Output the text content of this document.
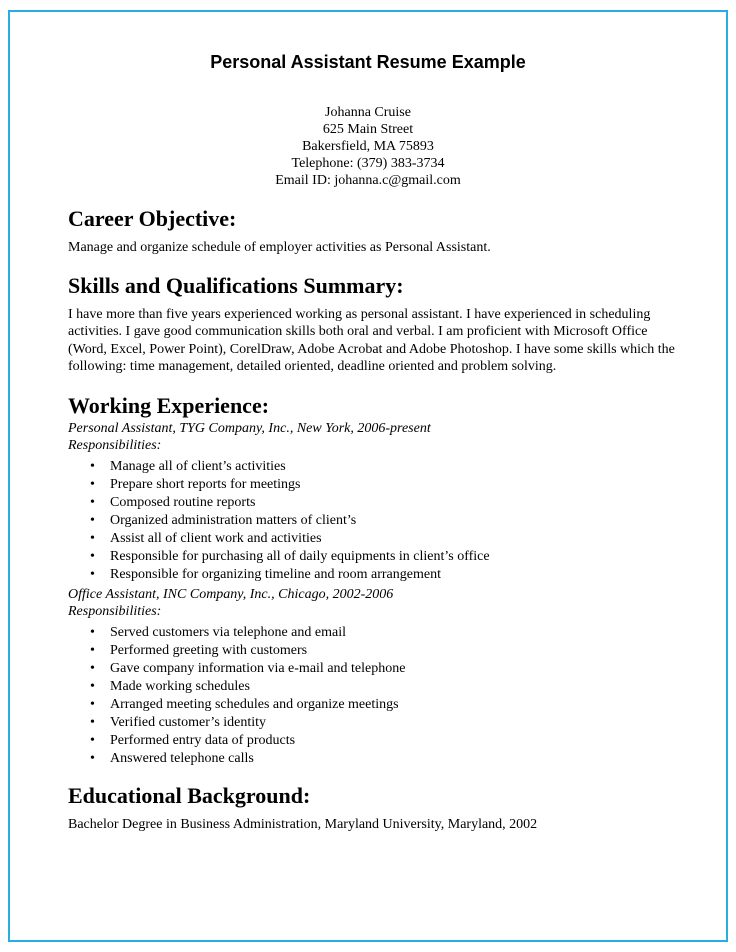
Personal Assistant Resume Example
Johanna Cruise
625 Main Street
Bakersfield, MA 75893
Telephone: (379) 383-3734
Email ID: johanna.c@gmail.com
Career Objective:

Manage and organize schedule of employer activities as Personal Assistant.

Skills and Qualifications Summary:

I have more than five years experienced working as personal assistant. I have experienced in scheduling activities. I gave good communication skills both oral and verbal. I am proficient with Microsoft Office (Word, Excel, Power Point), CorelDraw, Adobe Acrobat and Adobe Photoshop. I have some skills which the following: time management, detailed oriented, deadline oriented and problem solving.

Working Experience:

Personal Assistant, TYG Company, Inc., New York, 2006-present

Responsibilities:

• Manage all of client’s activities
• Prepare short reports for meetings
• Composed routine reports
• Organized administration matters of client’s
• Assist all of client work and activities
• Responsible for purchasing all of daily equipments in client’s office
• Responsible for organizing timeline and room arrangement

Office Assistant, INC Company, Inc., Chicago, 2002-2006

Responsibilities:

• Served customers via telephone and email
• Performed greeting with customers
• Gave company information via e-mail and telephone
• Made working schedules
• Arranged meeting schedules and organize meetings
• Verified customer’s identity
• Performed entry data of products
• Answered telephone calls
Educational Background:

Bachelor Degree in Business Administration, Maryland University, Maryland, 2002
